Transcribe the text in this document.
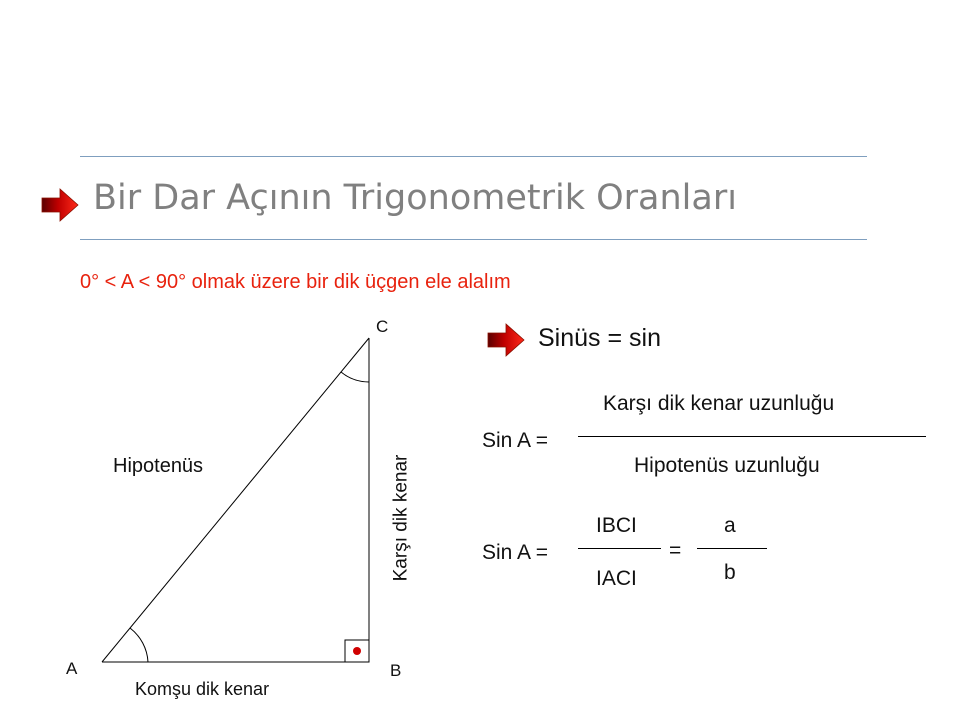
Bir Dar Açının Trigonometrik Oranları
0° < A < 90° olmak üzere bir dik üçgen ele alalım
C
A	B
Hipotenüs	Karşı dik kenar
Komşu dik kenar
Sinüs = sin
Sin A =
Karşı dik kenar uzunluğu
Hipotenüs uzunluğu
Sin A =
IBCI
IACI
=
a
b
